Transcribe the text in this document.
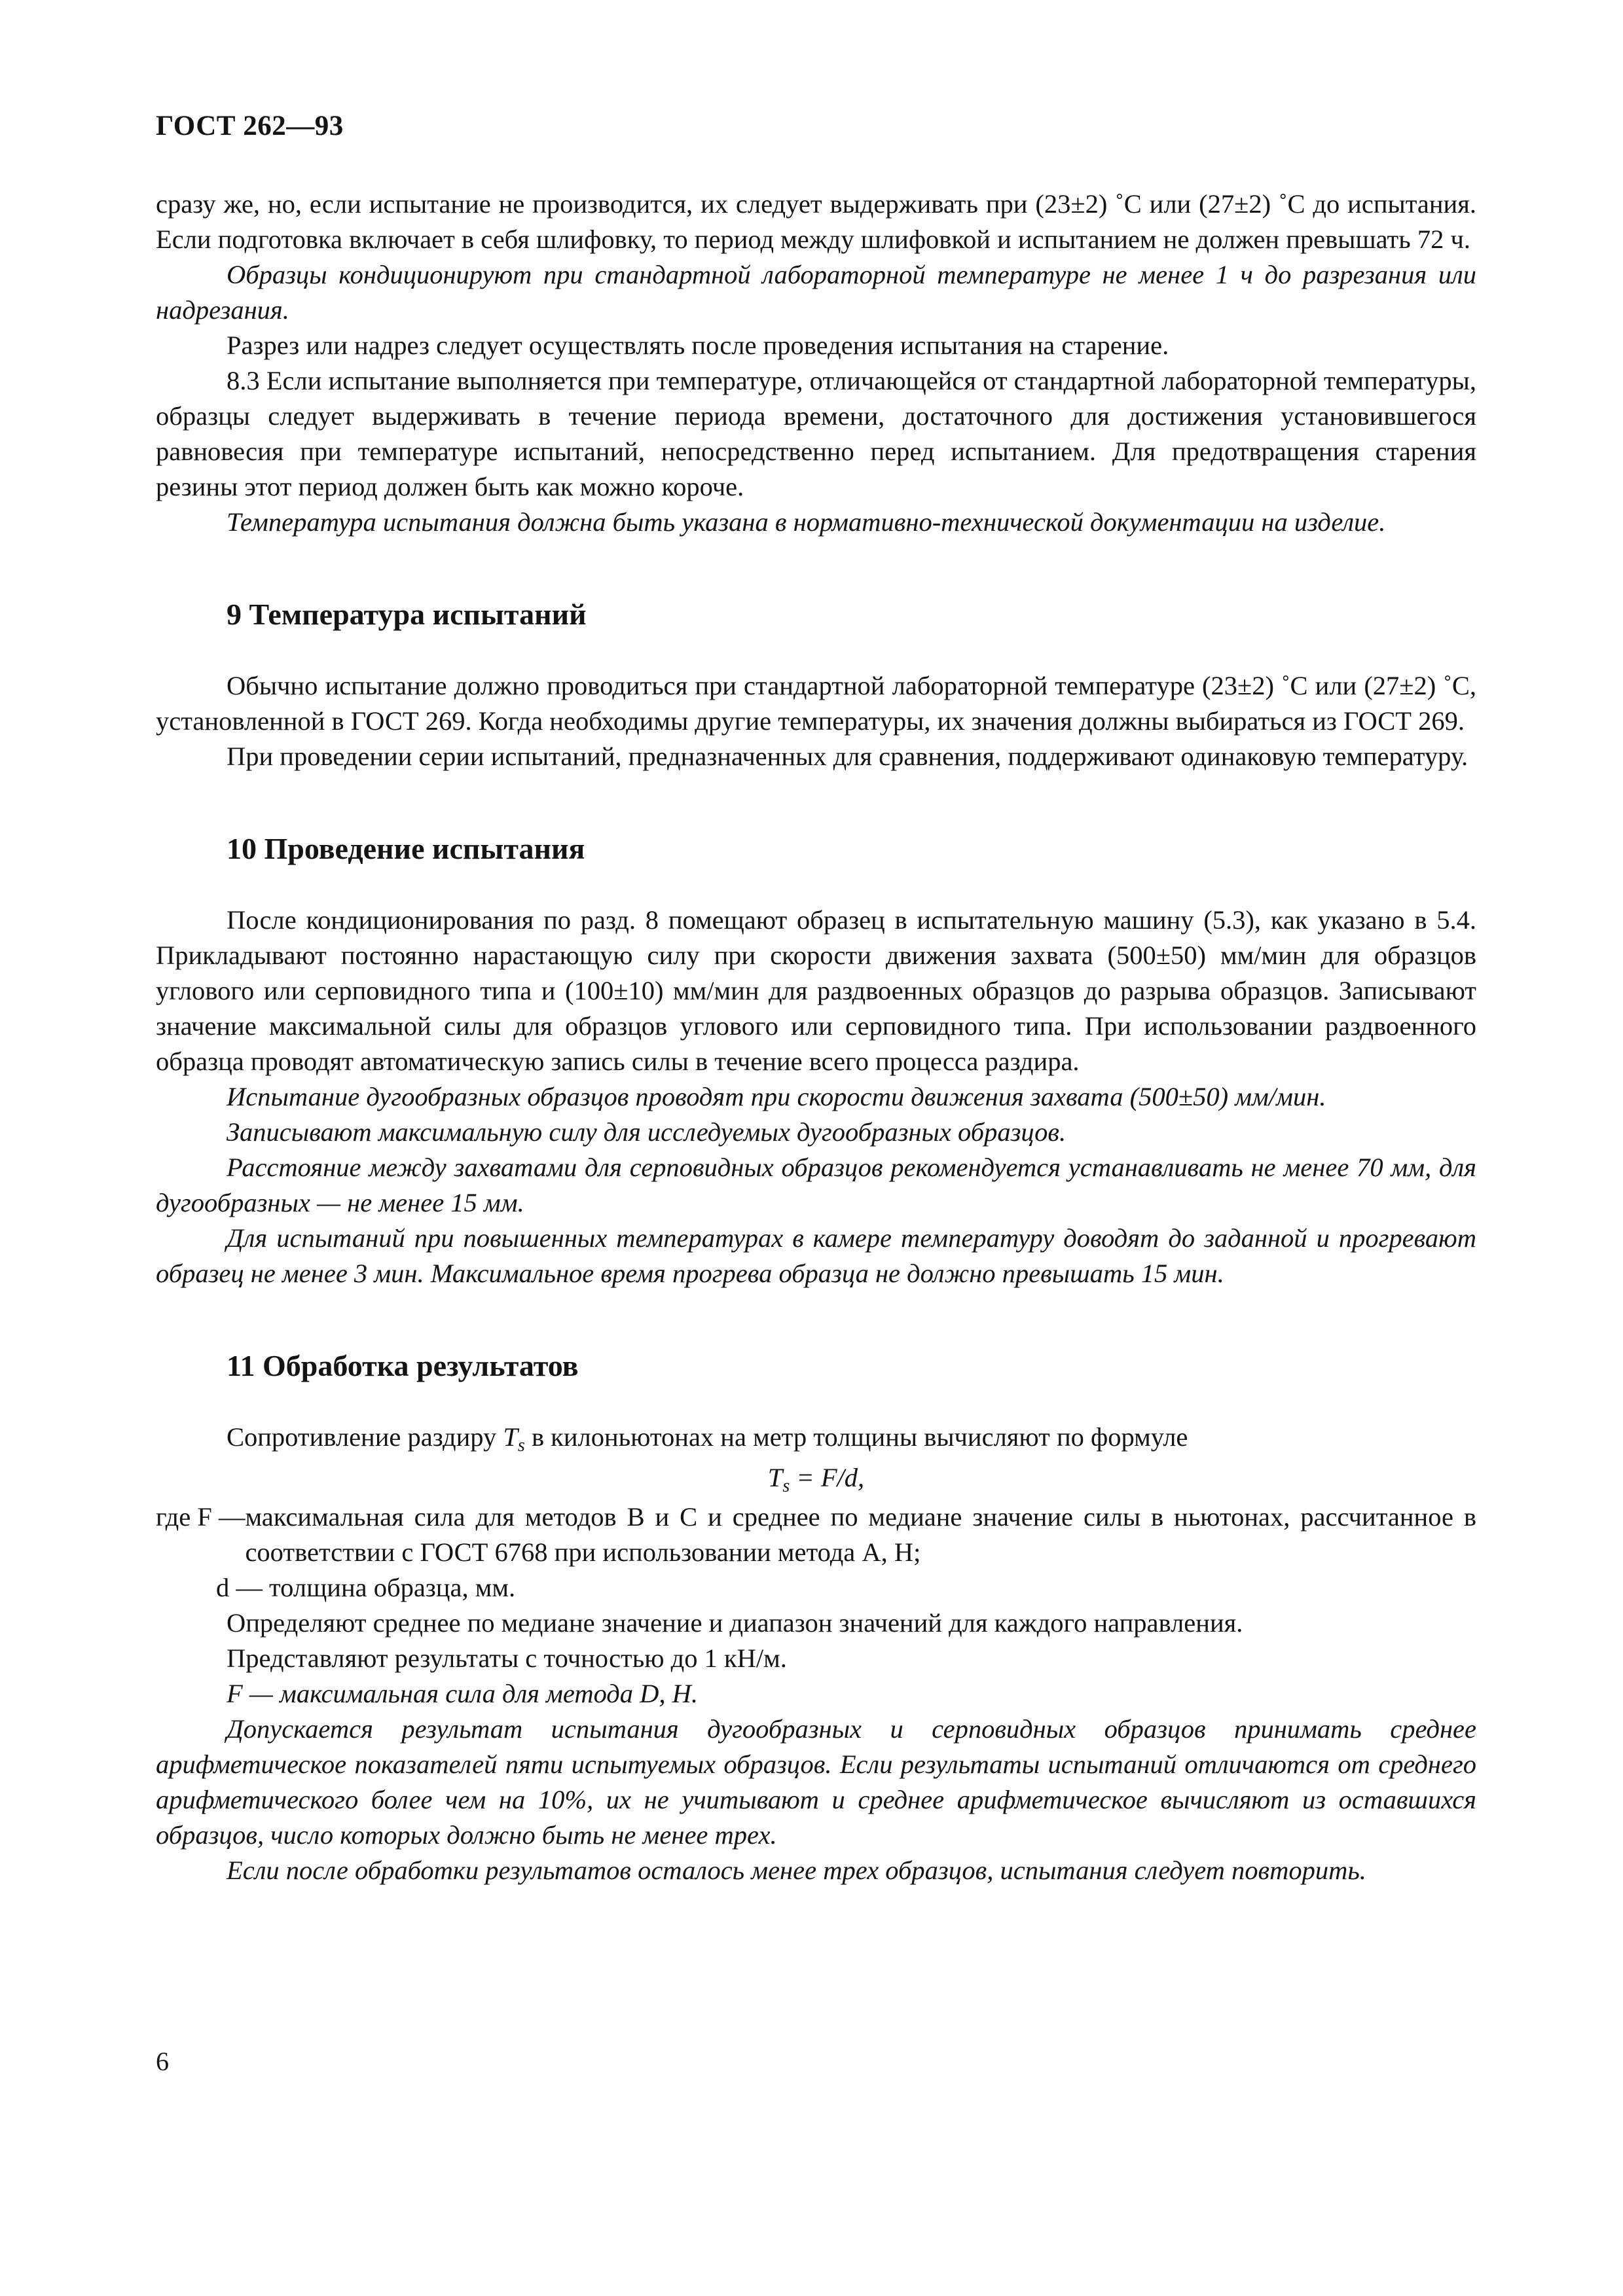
ГОСТ 262—93

сразу же, но, если испытание не производится, их следует выдерживать при (23±2) ˚С или (27±2) ˚С до испытания. Если подготовка включает в себя шлифовку, то период между шлифовкой и испытанием не должен превышать 72 ч.

Образцы кондиционируют при стандартной лабораторной температуре не менее 1 ч до разрезания или надрезания.

Разрез или надрез следует осуществлять после проведения испытания на старение.

8.3 Если испытание выполняется при температуре, отличающейся от стандартной лабораторной температуры, образцы следует выдерживать в течение периода времени, достаточного для достижения установившегося равновесия при температуре испытаний, непосредственно перед испытанием. Для предотвращения старения резины этот период должен быть как можно короче.

Температура испытания должна быть указана в нормативно-технической документации на изделие.

9 Температура испытаний

Обычно испытание должно проводиться при стандартной лабораторной температуре (23±2) ˚С или (27±2) ˚С, установленной в ГОСТ 269. Когда необходимы другие температуры, их значения должны выбираться из ГОСТ 269.

При проведении серии испытаний, предназначенных для сравнения, поддерживают одинаковую температуру.

10 Проведение испытания

После кондиционирования по разд. 8 помещают образец в испытательную машину (5.3), как указано в 5.4. Прикладывают постоянно нарастающую силу при скорости движения захвата (500±50) мм/мин для образцов углового или серповидного типа и (100±10) мм/мин для раздвоенных образцов до разрыва образцов. Записывают значение максимальной силы для образцов углового или серповидного типа. При использовании раздвоенного образца проводят автоматическую запись силы в течение всего процесса раздира.

Испытание дугообразных образцов проводят при скорости движения захвата (500±50) мм/мин.

Записывают максимальную силу для исследуемых дугообразных образцов.

Расстояние между захватами для серповидных образцов рекомендуется устанавливать не менее 70 мм, для дугообразных — не менее 15 мм.

Для испытаний при повышенных температурах в камере температуру доводят до заданной и прогревают образец не менее 3 мин. Максимальное время прогрева образца не должно превышать 15 мин.

11 Обработка результатов

Сопротивление раздиру $T_s$ в килоньютонах на метр толщины вычисляют по формуле

$T_s = F/d$,

где F — максимальная сила для методов В и С и среднее по медиане значение силы в ньютонах, рассчитанное в соответствии с ГОСТ 6768 при использовании метода А, Н;

d — толщина образца, мм.

Определяют среднее по медиане значение и диапазон значений для каждого направления.

Представляют результаты с точностью до 1 кН/м.

F — максимальная сила для метода D, Н.

Допускается результат испытания дугообразных и серповидных образцов принимать среднее арифметическое показателей пяти испытуемых образцов. Если результаты испытаний отличаются от среднего арифметического более чем на 10%, их не учитывают и среднее арифметическое вычисляют из оставшихся образцов, число которых должно быть не менее трех.

Если после обработки результатов осталось менее трех образцов, испытания следует повторить.

6
